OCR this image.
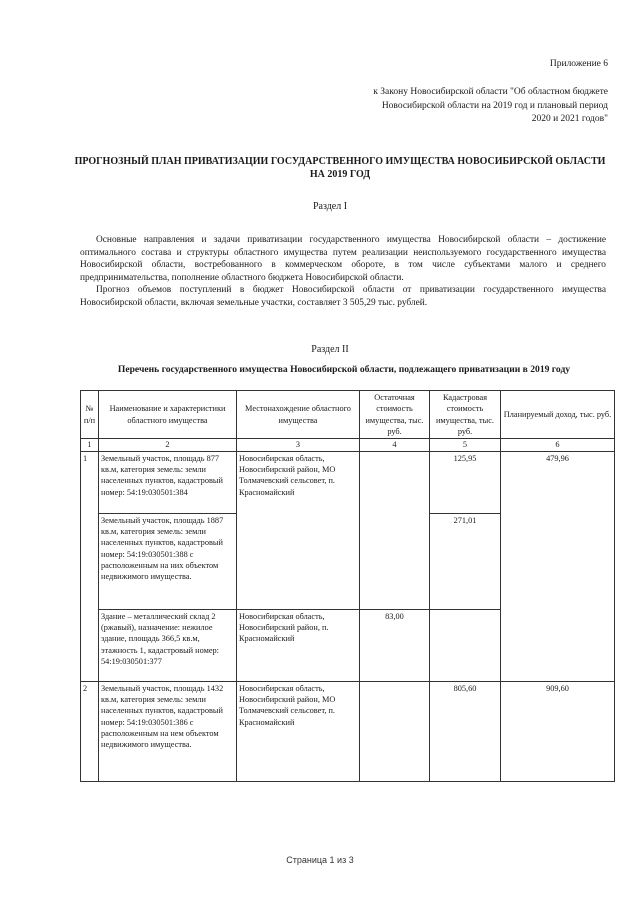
Приложение 6
к Закону Новосибирской области "Об областном бюджете Новосибирской области на 2019 год и плановый период 2020 и 2021 годов"
ПРОГНОЗНЫЙ ПЛАН ПРИВАТИЗАЦИИ ГОСУДАРСТВЕННОГО ИМУЩЕСТВА НОВОСИБИРСКОЙ ОБЛАСТИ НА 2019 ГОД
Раздел I
Основные направления и задачи приватизации государственного имущества Новосибирской области – достижение оптимального состава и структуры областного имущества путем реализации неиспользуемого государственного имущества Новосибирской области, востребованного в коммерческом обороте, в том числе субъектами малого и среднего предпринимательства, пополнение областного бюджета Новосибирской области.
Прогноз объемов поступлений в бюджет Новосибирской области от приватизации государственного имущества Новосибирской области, включая земельные участки, составляет 3 505,29 тыс. рублей.
Раздел II
Перечень государственного имущества Новосибирской области, подлежащего приватизации в 2019 году
№ п/п	Наименование и характеристики областного имущества	Местонахождение областного имущества	Остаточная стоимость имущества, тыс. руб.	Кадастровая стоимость имущества, тыс. руб.	Планируемый доход, тыс. руб.
1	2	3	4	5	6
1	Земельный участок, площадь 877 кв.м, категория земель: земли населенных пунктов, кадастровый номер: 54:19:030501:384	Новосибирская область, Новосибирский район, МО Толмачевский сельсовет, п. Красномайский		125,95	479,96
	Земельный участок, площадь 1887 кв.м, категория земель: земли населенных пунктов, кадастровый номер: 54:19:030501:388 с расположенным на них объектом недвижимого имущества.			271,01	
	Здание – металлический склад 2 (ржавый), назначение: нежилое здание, площадь 366,5 кв.м, этажность 1, кадастровый номер: 54:19:030501:377	Новосибирская область, Новосибирский район, п. Красномайский	83,00		
2	Земельный участок, площадь 1432 кв.м, категория земель: земли населенных пунктов, кадастровый номер: 54:19:030501:386 с расположенным на нем объектом недвижимого имущества.	Новосибирская область, Новосибирский район, МО Толмачевский сельсовет, п. Красномайский		805,60	909,60
Страница 1 из 3
